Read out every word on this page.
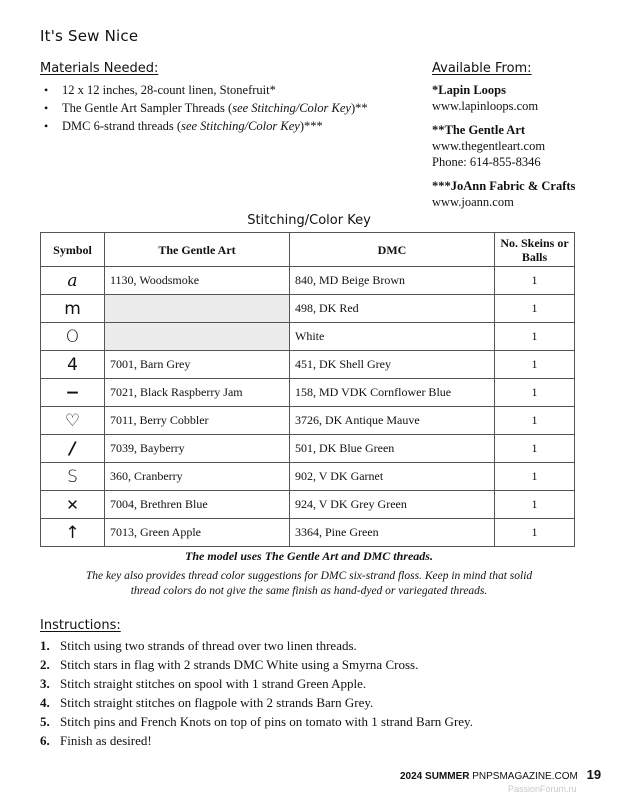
It's Sew Nice
Materials Needed:
• 12 x 12 inches, 28-count linen, Stonefruit*
• The Gentle Art Sampler Threads (see Stitching/Color Key)**
• DMC 6-strand threads (see Stitching/Color Key)***
Available From:
*Lapin Loops
www.lapinloops.com
**The Gentle Art
www.thegentleart.com
Phone: 614-855-8346
***JoAnn Fabric & Crafts
www.joann.com
Stitching/Color Key
Symbol	The Gentle Art	DMC	No. Skeins or Balls
a	1130, Woodsmoke	840, MD Beige Brown	1
m		498, DK Red	1
O		White	1
4	7001, Barn Grey	451, DK Shell Grey	1
−	7021, Black Raspberry Jam	158, MD VDK Cornflower Blue	1
♡	7011, Berry Cobbler	3726, DK Antique Mauve	1
/	7039, Bayberry	501, DK Blue Green	1
S	360, Cranberry	902, V DK Garnet	1
✕	7004, Brethren Blue	924, V DK Grey Green	1
↑	7013, Green Apple	3364, Pine Green	1
The model uses The Gentle Art and DMC threads.
The key also provides thread color suggestions for DMC six-strand floss. Keep in mind that solid thread colors do not give the same finish as hand-dyed or variegated threads.
Instructions:
1. Stitch using two strands of thread over two linen threads.
2. Stitch stars in flag with 2 strands DMC White using a Smyrna Cross.
3. Stitch straight stitches on spool with 1 strand Green Apple.
4. Stitch straight stitches on flagpole with 2 strands Barn Grey.
5. Stitch pins and French Knots on top of pins on tomato with 1 strand Barn Grey.
6. Finish as desired!
2024 SUMMER PNPSMAGAZINE.COM 19
PassionForum.ru
